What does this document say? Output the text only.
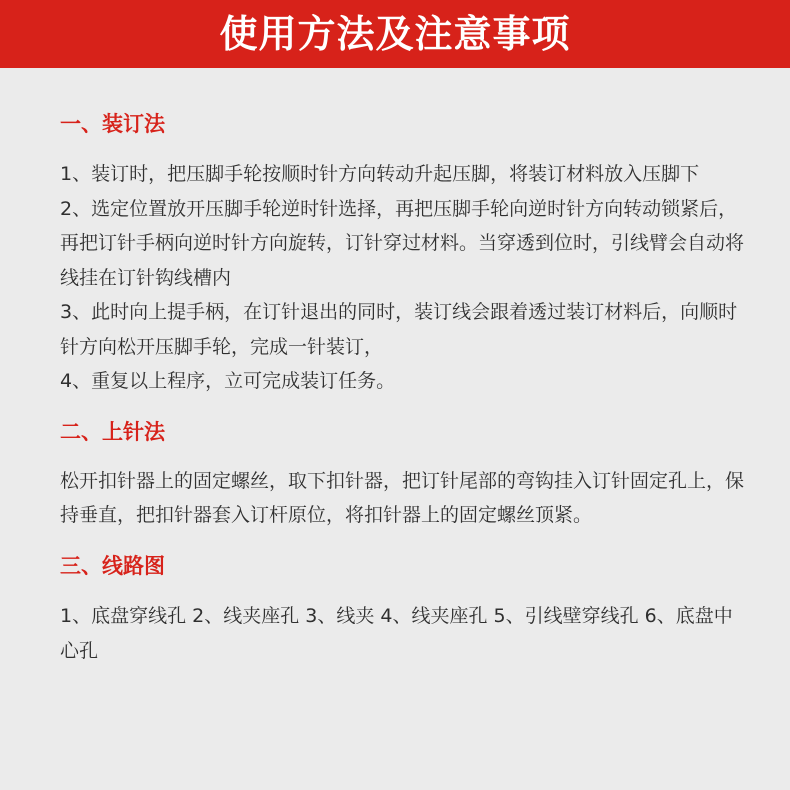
使用方法及注意事项
一、装订法

1、装订时，把压脚手轮按顺时针方向转动升起压脚，将装订材料放入压脚下

2、选定位置放开压脚手轮逆时针选择，再把压脚手轮向逆时针方向转动锁紧后，再把订针手柄向逆时针方向旋转，订针穿过材料。当穿透到位时，引线臂会自动将线挂在订针钩线槽内

3、此时向上提手柄，在订针退出的同时，装订线会跟着透过装订材料后，向顺时针方向松开压脚手轮，完成一针装订，

4、重复以上程序，立可完成装订任务。

二、上针法

松开扣针器上的固定螺丝，取下扣针器，把订针尾部的弯钩挂入订针固定孔上，保持垂直，把扣针器套入订杆原位，将扣针器上的固定螺丝顶紧。

三、线路图

1、底盘穿线孔 2、线夹座孔 3、线夹 4、线夹座孔 5、引线壁穿线孔 6、底盘中心孔
